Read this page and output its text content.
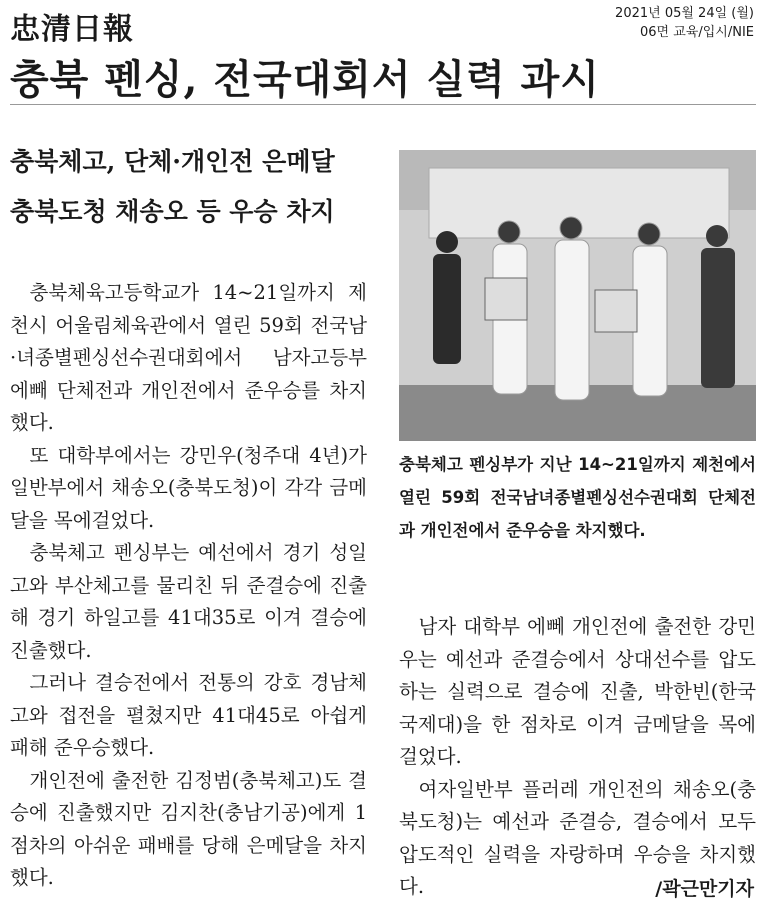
忠清日報	2021년 05월 24일 (월)
06면 교육/입시/NIE
충북 펜싱, 전국대회서 실력 과시
충북체고, 단체·개인전 은메달
충북도청 채송오 등 우승 차지

충북체육고등학교가 14~21일까지 제천시 어울림체육관에서 열린 59회 전국남·녀종별펜싱선수권대회에서 남자고등부 에빼 단체전과 개인전에서 준우승를 차지했다.

또 대학부에서는 강민우(청주대 4년)가 일반부에서 채송오(충북도청)이 각각 금메달을 목에걸었다.

충북체고 펜싱부는 예선에서 경기 성일고와 부산체고를 물리친 뒤 준결승에 진출해 경기 하일고를 41대35로 이겨 결승에 진출했다.

그러나 결승전에서 전통의 강호 경남체고와 접전을 펼쳤지만 41대45로 아쉽게 패해 준우승했다.

개인전에 출전한 김정범(충북체고)도 결승에 진출했지만 김지찬(충남기공)에게 1점차의 아쉬운 패배를 당해 은메달을 차지했다.

충북체고 펜싱부가 지난 14~21일까지 제천에서 열린 59회 전국남녀종별펜싱선수권대회 단체전과 개인전에서 준우승을 차지했다.

남자 대학부 에뻬 개인전에 출전한 강민우는 예선과 준결승에서 상대선수를 압도하는 실력으로 결승에 진출, 박한빈(한국국제대)을 한 점차로 이겨 금메달을 목에 걸었다.

여자일반부 플러레 개인전의 채송오(충북도청)는 예선과 준결승, 결승에서 모두 압도적인 실력을 자랑하며 우승을 차지했다.	/곽근만기자
